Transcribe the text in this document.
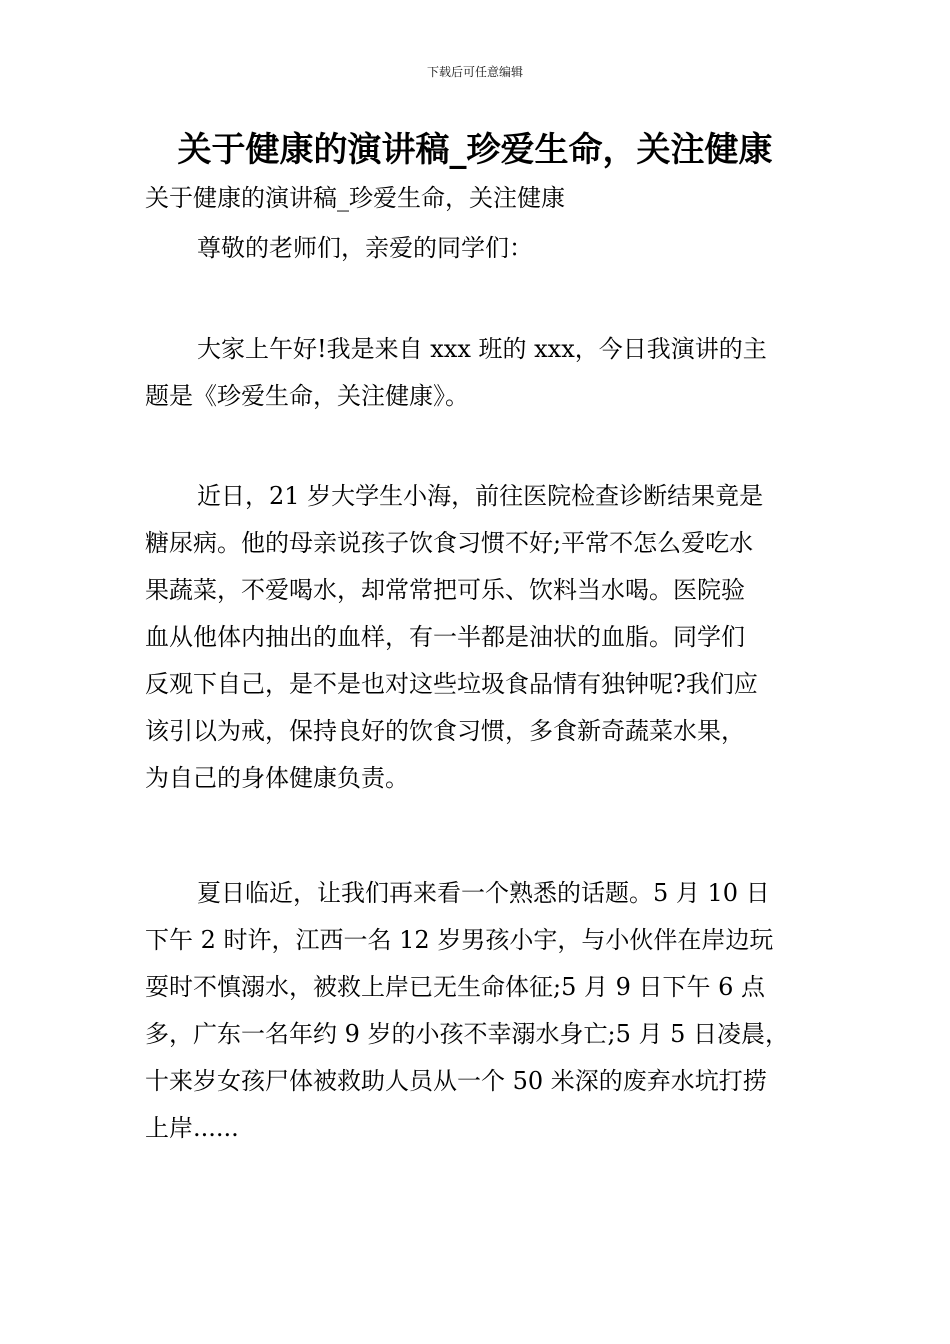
下载后可任意编辑
关于健康的演讲稿_珍爱生命，关注健康
关于健康的演讲稿_珍爱生命，关注健康
尊敬的老师们，亲爱的同学们：
大家上午好!我是来自 xxx 班的 xxx，今日我演讲的主
题是《珍爱生命，关注健康》。
近日，21 岁大学生小海，前往医院检查诊断结果竟是
糖尿病。他的母亲说孩子饮食习惯不好;平常不怎么爱吃水
果蔬菜，不爱喝水，却常常把可乐、饮料当水喝。医院验
血从他体内抽出的血样，有一半都是油状的血脂。同学们
反观下自己，是不是也对这些垃圾食品情有独钟呢?我们应
该引以为戒，保持良好的饮食习惯，多食新奇蔬菜水果，
为自己的身体健康负责。
夏日临近，让我们再来看一个熟悉的话题。5 月 10 日
下午 2 时许，江西一名 12 岁男孩小宇，与小伙伴在岸边玩
耍时不慎溺水，被救上岸已无生命体征;5 月 9 日下午 6 点
多，广东一名年约 9 岁的小孩不幸溺水身亡;5 月 5 日凌晨，
十来岁女孩尸体被救助人员从一个 50 米深的废弃水坑打捞
上岸......
